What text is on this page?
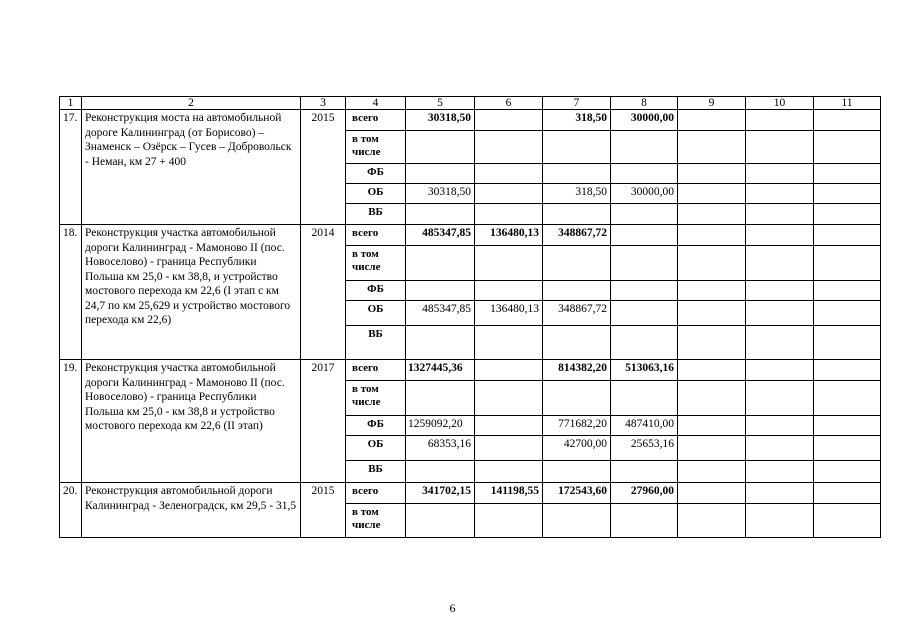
1	2	3	4	5	6	7	8	9	10	11
17.	Реконструкция моста на автомобильной дороге Калининград (от Борисово) – Знаменск – Озёрск – Гусев – Добровольск - Неман, км 27 + 400	2015	всего	30318,50		318,50	30000,00			
			в том числе							
			ФБ							
			ОБ	30318,50		318,50	30000,00			
			ВБ							
18.	Реконструкция участка автомобильной дороги Калининград - Мамоново II (пос. Новоселово) - граница Республики Польша км 25,0 - км 38,8, и устройство мостового перехода км 22,6 (I этап с км 24,7 по км 25,629 и устройство мостового перехода км 22,6)	2014	всего	485347,85	136480,13	348867,72				
			в том числе							
			ФБ							
			ОБ	485347,85	136480,13	348867,72				
			ВБ							
19.	Реконструкция участка автомобильной дороги Калининград - Мамоново II (пос. Новоселово) - граница Республики Польша км 25,0 - км 38,8 и устройство мостового перехода км 22,6 (II этап)	2017	всего	1327445,36		814382,20	513063,16			
			в том числе							
			ФБ	1259092,20		771682,20	487410,00			
			ОБ	68353,16		42700,00	25653,16			
			ВБ							
20.	Реконструкция автомобильной дороги Калининград - Зеленоградск, км 29,5 - 31,5	2015	всего	341702,15	141198,55	172543,60	27960,00			
			в том числе							
6
